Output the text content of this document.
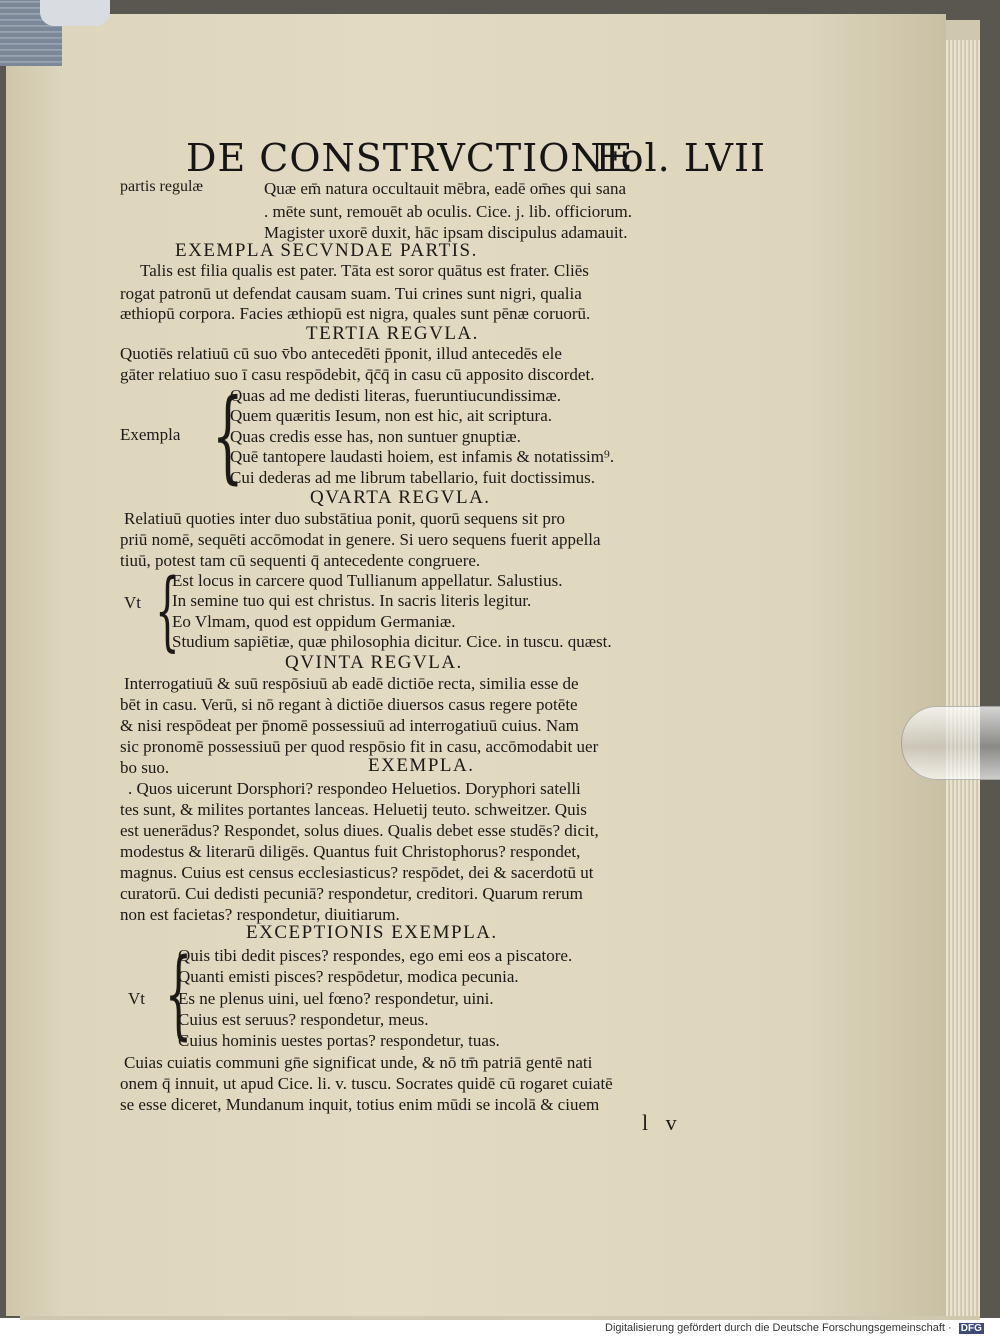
DE CONSTRVCTIONE
Fol. LVII
partis regulæ	Quæ em̄ natura occultauit mēbra, eadē om̄es qui sana
. mēte sunt, remouēt ab oculis. Cice. j. lib. officiorum.
Magister uxorē duxit, hāc ipsam discipulus adamauit.
EXEMPLA SECVNDAE PARTIS.
Talis est filia qualis est pater. Tāta est soror quātus est frater. Cliēs
rogat patronū ut defendat causam suam. Tui crines sunt nigri, qualia
æthiopū corpora. Facies æthiopū est nigra, quales sunt pēnæ coruorū.
TERTIA REGVLA.
Quotiēs relatiuū cū suo v̄bo antecedēti p̄ponit, illud antecedēs ele
gāter relatiuo suo ī casu respōdebit, q̄c̄q̄ in casu cū apposito discordet.
Exempla {
Quas ad me dedisti literas, fueruntiucundissimæ.
Quem quæritis Iesum, non est hic, ait scriptura.
Quas credis esse has, non suntuer gnuptiæ.
Quē tantopere laudasti hoiem, est infamis & notatissim⁹.
Cui dederas ad me librum tabellario, fuit doctissimus.
QVARTA REGVLA.
Relatiuū quoties inter duo substātiua ponit, quorū sequens sit pro
priū nomē, sequēti accōmodat in genere. Si uero sequens fuerit appella
tiuū, potest tam cū sequenti q̄ antecedente congruere.
Vt {
Est locus in carcere quod Tullianum appellatur. Salustius.
In semine tuo qui est christus. In sacris literis legitur.
Eo Vlmam, quod est oppidum Germaniæ.
Studium sapiētiæ, quæ philosophia dicitur. Cice. in tuscu. quæst.
QVINTA REGVLA.
Interrogatiuū & suū respōsiuū ab eadē dictiōe recta, similia esse de
bēt in casu. Verū, si nō regant à dictiōe diuersos casus regere potēte
& nisi respōdeat per p̄nomē possessiuū ad interrogatiuū cuius. Nam
sic pronomē possessiuū per quod respōsio fit in casu, accōmodabit uer
bo suo.	EXEMPLA.
. Quos uicerunt Dorsphori? respondeo Heluetios. Doryphori satelli
tes sunt, & milites portantes lanceas. Heluetij teuto. schweitzer. Quis
est uenerādus? Respondet, solus diues. Qualis debet esse studēs? dicit,
modestus & literarū diligēs. Quantus fuit Christophorus? respondet,
magnus. Cuius est census ecclesiasticus? respōdet, dei & sacerdotū ut
curatorū. Cui dedisti pecuniā? respondetur, creditori. Quarum rerum
non est facietas? respondetur, diuitiarum.
EXCEPTIONIS EXEMPLA.
Vt {
Quis tibi dedit pisces? respondes, ego emi eos a piscatore.
Quanti emisti pisces? respōdetur, modica pecunia.
Es ne plenus uini, uel fœno? respondetur, uini.
Cuius est seruus? respondetur, meus.
Cuius hominis uestes portas? respondetur, tuas.
Cuias cuiatis communi gn̄e significat unde, & nō tm̄ patriā gentē nati
onem q̄ innuit, ut apud Cice. li. v. tuscu. Socrates quidē cū rogaret cuiatē
se esse diceret, Mundanum inquit, totius enim mūdi se incolā & ciuem
l v
Digitalisierung gefördert durch die Deutsche Forschungsgemeinschaft · DFG
